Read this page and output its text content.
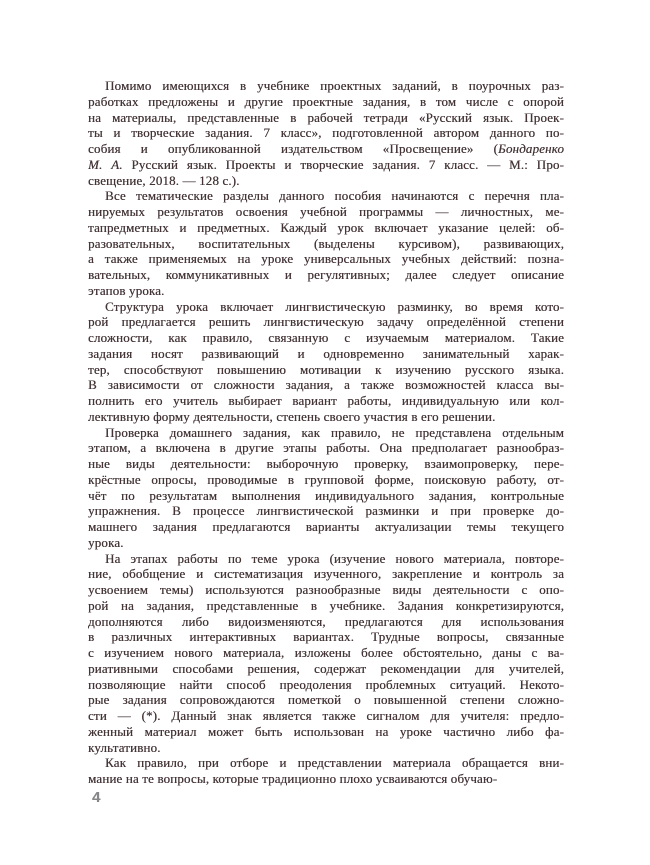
Помимо имеющихся в учебнике проектных заданий, в поурочных раз-
работках предложены и другие проектные задания, в том числе с опорой
на материалы, представленные в рабочей тетради «Русский язык. Проек-
ты и творческие задания. 7 класс», подготовленной автором данного по-
собия и опубликованной издательством «Просвещение» (Бондаренко
М. А. Русский язык. Проекты и творческие задания. 7 класс. — М.: Про-
свещение, 2018. — 128 с.).
Все тематические разделы данного пособия начинаются с перечня пла-
нируемых результатов освоения учебной программы — личностных, ме-
тапредметных и предметных. Каждый урок включает указание целей: об-
разовательных, воспитательных (выделены курсивом), развивающих,
а также применяемых на уроке универсальных учебных действий: позна-
вательных, коммуникативных и регулятивных; далее следует описание
этапов урока.
Структура урока включает лингвистическую разминку, во время кото-
рой предлагается решить лингвистическую задачу определённой степени
сложности, как правило, связанную с изучаемым материалом. Такие
задания носят развивающий и одновременно занимательный харак-
тер, способствуют повышению мотивации к изучению русского языка.
В зависимости от сложности задания, а также возможностей класса вы-
полнить его учитель выбирает вариант работы, индивидуальную или кол-
лективную форму деятельности, степень своего участия в его решении.
Проверка домашнего задания, как правило, не представлена отдельным
этапом, а включена в другие этапы работы. Она предполагает разнообраз-
ные виды деятельности: выборочную проверку, взаимопроверку, пере-
крёстные опросы, проводимые в групповой форме, поисковую работу, от-
чёт по результатам выполнения индивидуального задания, контрольные
упражнения. В процессе лингвистической разминки и при проверке до-
машнего задания предлагаются варианты актуализации темы текущего
урока.
На этапах работы по теме урока (изучение нового материала, повторе-
ние, обобщение и систематизация изученного, закрепление и контроль за
усвоением темы) используются разнообразные виды деятельности с опо-
рой на задания, представленные в учебнике. Задания конкретизируются,
дополняются либо видоизменяются, предлагаются для использования
в различных интерактивных вариантах. Трудные вопросы, связанные
с изучением нового материала, изложены более обстоятельно, даны с ва-
риативными способами решения, содержат рекомендации для учителей,
позволяющие найти способ преодоления проблемных ситуаций. Некото-
рые задания сопровождаются пометкой о повышенной степени сложно-
сти — (*). Данный знак является также сигналом для учителя: предло-
женный материал может быть использован на уроке частично либо фа-
культативно.
Как правило, при отборе и представлении материала обращается вни-
мание на те вопросы, которые традиционно плохо усваиваются обучаю-
4
